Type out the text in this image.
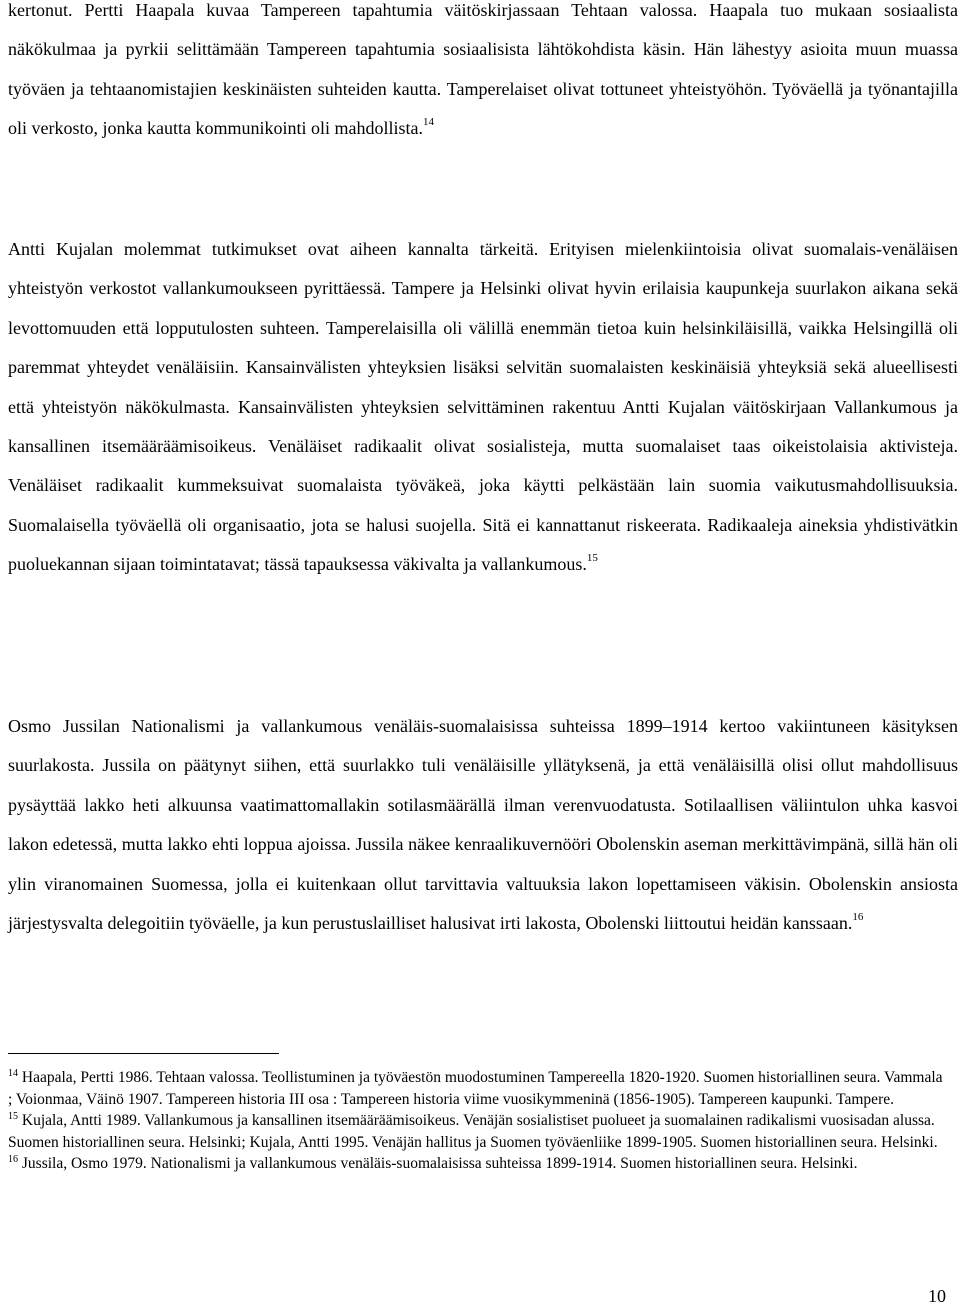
kertonut. Pertti Haapala kuvaa Tampereen tapahtumia väitöskirjassaan Tehtaan valossa. Haapala tuo mukaan sosiaalista näkökulmaa ja pyrkii selittämään Tampereen tapahtumia sosiaalisista lähtökohdista käsin. Hän lähestyy asioita muun muassa työväen ja tehtaanomistajien keskinäisten suhteiden kautta. Tamperelaiset olivat tottuneet yhteistyöhön. Työväellä ja työnantajilla oli verkosto, jonka kautta kommunikointi oli mahdollista.$^{14}$

Antti Kujalan molemmat tutkimukset ovat aiheen kannalta tärkeitä. Erityisen mielenkiintoisia olivat suomalais-venäläisen yhteistyön verkostot vallankumoukseen pyrittäessä. Tampere ja Helsinki olivat hyvin erilaisia kaupunkeja suurlakon aikana sekä levottomuuden että lopputulosten suhteen. Tamperelaisilla oli välillä enemmän tietoa kuin helsinkiläisillä, vaikka Helsingillä oli paremmat yhteydet venäläisiin. Kansainvälisten yhteyksien lisäksi selvitän suomalaisten keskinäisiä yhteyksiä sekä alueellisesti että yhteistyön näkökulmasta. Kansainvälisten yhteyksien selvittäminen rakentuu Antti Kujalan väitöskirjaan Vallankumous ja kansallinen itsemääräämisoikeus. Venäläiset radikaalit olivat sosialisteja, mutta suomalaiset taas oikeistolaisia aktivisteja. Venäläiset radikaalit kummeksuivat suomalaista työväkeä, joka käytti pelkästään lain suomia vaikutusmahdollisuuksia. Suomalaisella työväellä oli organisaatio, jota se halusi suojella. Sitä ei kannattanut riskeerata. Radikaaleja aineksia yhdistivätkin puoluekannan sijaan toimintatavat; tässä tapauksessa väkivalta ja vallankumous.$^{15}$

Osmo Jussilan Nationalismi ja vallankumous venäläis-suomalaisissa suhteissa 1899–1914 kertoo vakiintuneen käsityksen suurlakosta. Jussila on päätynyt siihen, että suurlakko tuli venäläisille yllätyksenä, ja että venäläisillä olisi ollut mahdollisuus pysäyttää lakko heti alkuunsa vaatimattomallakin sotilasmäärällä ilman verenvuodatusta. Sotilaallisen väliintulon uhka kasvoi lakon edetessä, mutta lakko ehti loppua ajoissa. Jussila näkee kenraalikuvernööri Obolenskin aseman merkittävimpänä, sillä hän oli ylin viranomainen Suomessa, jolla ei kuitenkaan ollut tarvittavia valtuuksia lakon lopettamiseen väkisin. Obolenskin ansiosta järjestysvalta delegoitiin työväelle, ja kun perustuslailliset halusivat irti lakosta, Obolenski liittoutui heidän kanssaan.$^{16}$

$^{14}$ Haapala, Pertti 1986. Tehtaan valossa. Teollistuminen ja työväestön muodostuminen Tampereella 1820-1920. Suomen historiallinen seura. Vammala ; Voionmaa, Väinö 1907. Tampereen historia III osa : Tampereen historia viime vuosikymmeninä (1856-1905). Tampereen kaupunki. Tampere.

$^{15}$ Kujala, Antti 1989. Vallankumous ja kansallinen itsemääräämisoikeus. Venäjän sosialistiset puolueet ja suomalainen radikalismi vuosisadan alussa. Suomen historiallinen seura. Helsinki; Kujala, Antti 1995. Venäjän hallitus ja Suomen työväenliike 1899-1905. Suomen historiallinen seura. Helsinki.

$^{16}$ Jussila, Osmo 1979. Nationalismi ja vallankumous venäläis-suomalaisissa suhteissa 1899-1914. Suomen historiallinen seura. Helsinki.

10
